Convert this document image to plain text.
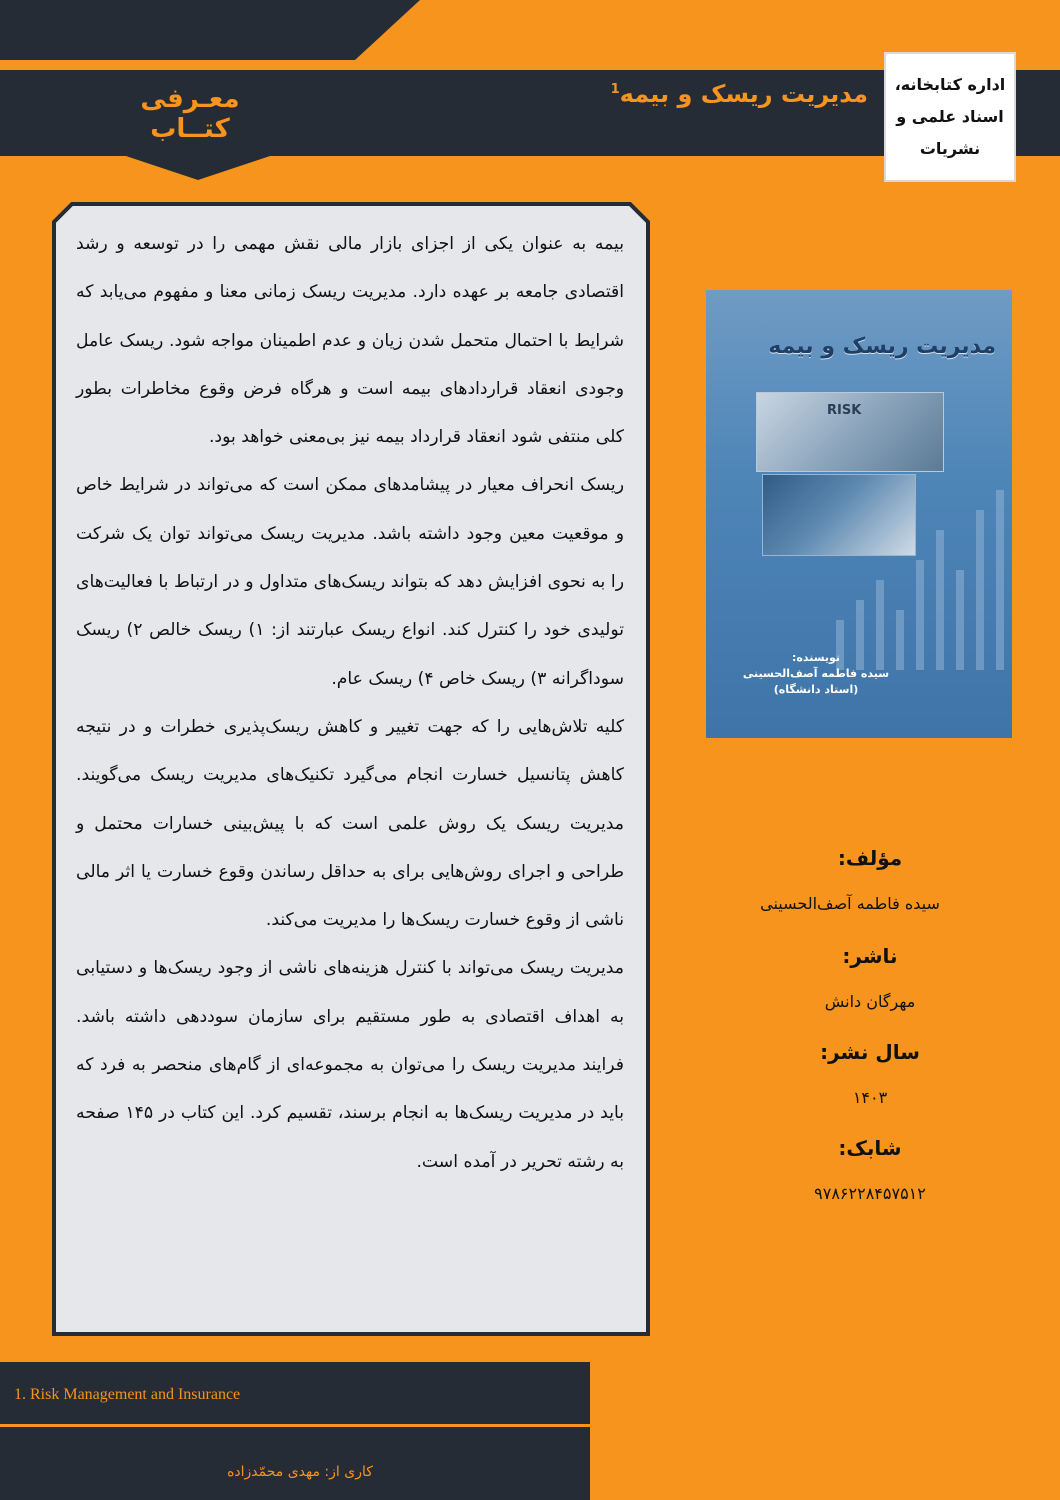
مدیریت ریسک و بیمه$^1$
معـرفی کتــاب
اداره کتابخانه،
اسناد علمی و
نشریات

بیمه به عنوان یکی از اجزای بازار مالی نقش مهمی را در توسعه و رشد اقتصادی جامعه بر عهده دارد. مدیریت ریسک زمانی معنا و مفهوم می‌یابد که شرایط با احتمال متحمل شدن زیان و عدم اطمینان مواجه شود. ریسک عامل وجودی انعقاد قراردادهای بیمه است و هرگاه فرض وقوع مخاطرات بطور کلی منتفی شود انعقاد قرارداد بیمه نیز بی‌معنی خواهد بود.

ریسک انحراف معیار در پیشامدهای ممکن است که می‌تواند در شرایط خاص و موقعیت معین وجود داشته باشد. مدیریت ریسک می‌تواند توان یک شرکت را به نحوی افزایش دهد که بتواند ریسک‌های متداول و در ارتباط با فعالیت‌های تولیدی خود را کنترل کند. انواع ریسک عبارتند از: ۱) ریسک خالص ۲) ریسک سوداگرانه ۳) ریسک خاص ۴) ریسک عام.

کلیه تلاش‌هایی را که جهت تغییر و کاهش ریسک‌پذیری خطرات و در نتیجه کاهش پتانسیل خسارت انجام می‌گیرد تکنیک‌های مدیریت ریسک می‌گویند. مدیریت ریسک یک روش علمی است که با پیش‌بینی خسارات محتمل و طراحی و اجرای روش‌هایی برای به حداقل رساندن وقوع خسارت یا اثر مالی ناشی از وقوع خسارت ریسک‌ها را مدیریت می‌کند.

مدیریت ریسک می‌تواند با کنترل هزینه‌های ناشی از وجود ریسک‌ها و دستیابی به اهداف اقتصادی به طور مستقیم برای سازمان سوددهی داشته باشد. فرایند مدیریت ریسک را می‌توان به مجموعه‌ای از گام‌های منحصر به فرد که باید در مدیریت ریسک‌ها به انجام برسند، تقسیم کرد. این کتاب در ۱۴۵ صفحه به رشته تحریر در آمده است.

مدیریت ریسک و بیمه
RISK
نویسنده:
سیده فاطمه آصف‌الحسینی
(استاد دانشگاه)
مؤلف:
سیده فاطمه آصف‌الحسینی
ناشر:
مهرگان دانش
سال نشر:
۱۴۰۳
شابک:
۹۷۸۶۲۲۸۴۵۷۵۱۲
1. Risk Management and Insurance
کاری از: مهدی محمّدزاده
